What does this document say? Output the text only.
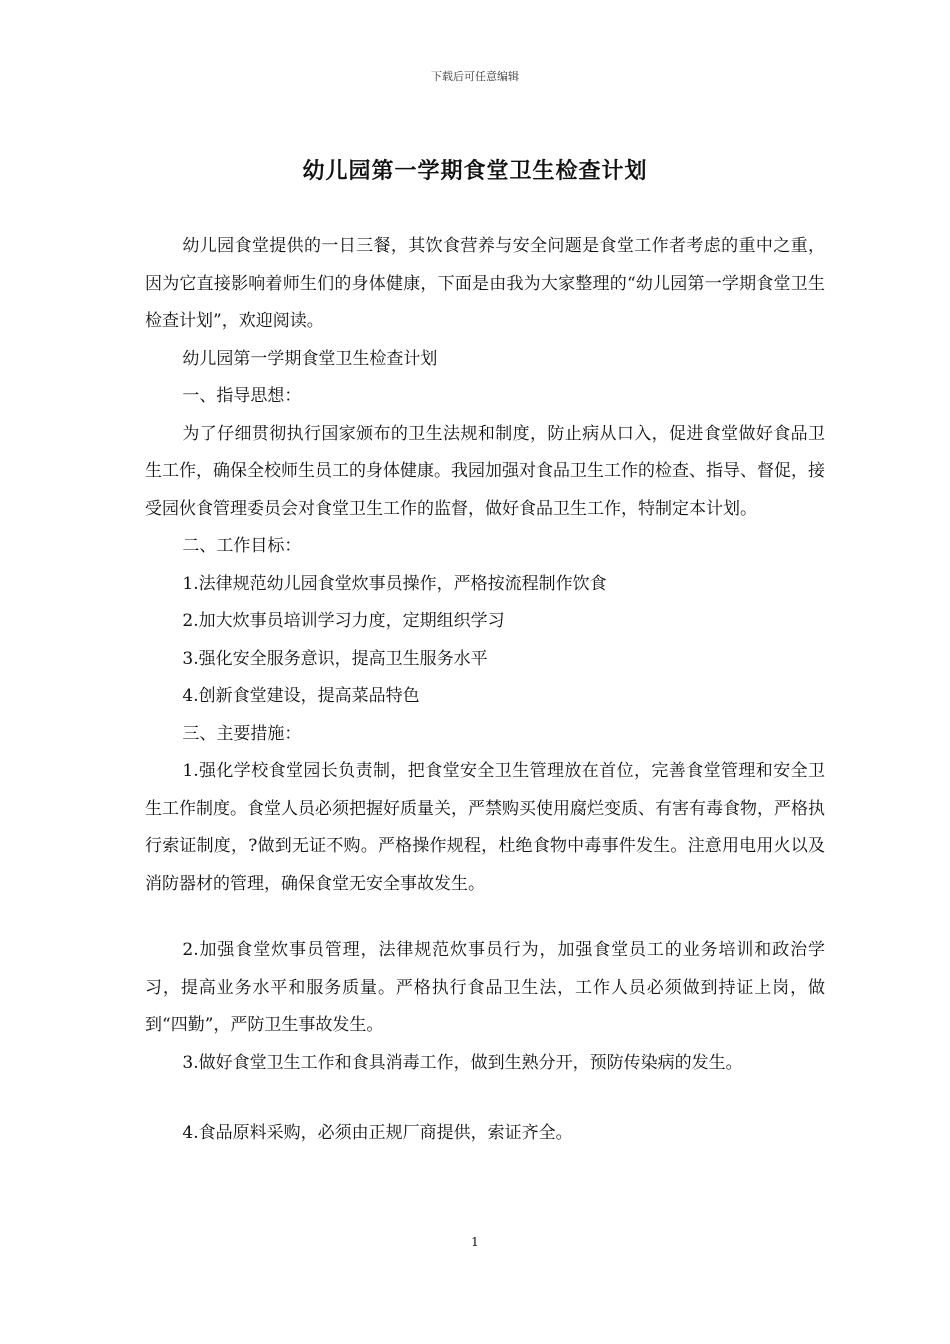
下载后可任意编辑
幼儿园第一学期食堂卫生检查计划

幼儿园食堂提供的一日三餐，其饮食营养与安全问题是食堂工作者考虑的重中之重，因为它直接影响着师生们的身体健康，下面是由我为大家整理的“幼儿园第一学期食堂卫生检查计划”，欢迎阅读。

幼儿园第一学期食堂卫生检查计划

一、指导思想：

为了仔细贯彻执行国家颁布的卫生法规和制度，防止病从口入，促进食堂做好食品卫生工作，确保全校师生员工的身体健康。我园加强对食品卫生工作的检查、指导、督促，接受园伙食管理委员会对食堂卫生工作的监督，做好食品卫生工作，特制定本计划。

二、工作目标：

1.法律规范幼儿园食堂炊事员操作，严格按流程制作饮食

2.加大炊事员培训学习力度，定期组织学习

3.强化安全服务意识，提高卫生服务水平

4.创新食堂建设，提高菜品特色

三、主要措施：

1.强化学校食堂园长负责制，把食堂安全卫生管理放在首位，完善食堂管理和安全卫生工作制度。食堂人员必须把握好质量关，严禁购买使用腐烂变质、有害有毒食物，严格执行索证制度，?做到无证不购。严格操作规程，杜绝食物中毒事件发生。注意用电用火以及消防器材的管理，确保食堂无安全事故发生。

2.加强食堂炊事员管理，法律规范炊事员行为，加强食堂员工的业务培训和政治学习，提高业务水平和服务质量。严格执行食品卫生法，工作人员必须做到持证上岗，做到“四勤”，严防卫生事故发生。

3.做好食堂卫生工作和食具消毒工作，做到生熟分开，预防传染病的发生。

4.食品原料采购，必须由正规厂商提供，索证齐全。

1
